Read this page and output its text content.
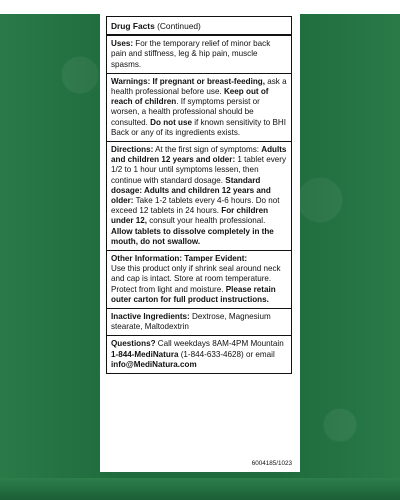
Drug Facts (Continued)
Uses: For the temporary relief of minor back pain and stiffness, leg & hip pain, muscle spasms.
Warnings: If pregnant or breast-feeding, ask a health professional before use. Keep out of reach of children. If symptoms persist or worsen, a health professional should be consulted. Do not use if known sensitivity to BHI Back or any of its ingredients exists.
Directions: At the first sign of symptoms: Adults and children 12 years and older: 1 tablet every 1/2 to 1 hour until symptoms lessen, then continue with standard dosage. Standard dosage: Adults and children 12 years and older: Take 1-2 tablets every 4-6 hours. Do not exceed 12 tablets in 24 hours. For children under 12, consult your health professional. Allow tablets to dissolve completely in the mouth, do not swallow.
Other Information: Tamper Evident:
Use this product only if shrink seal around neck and cap is intact. Store at room temperature. Protect from light and moisture. Please retain outer carton for full product instructions.
Inactive Ingredients: Dextrose, Magnesium stearate, Maltodextrin
Questions? Call weekdays 8AM-4PM Mountain 1-844-MediNatura (1-844-633-4628) or email info@MediNatura.com
6004185/1023
